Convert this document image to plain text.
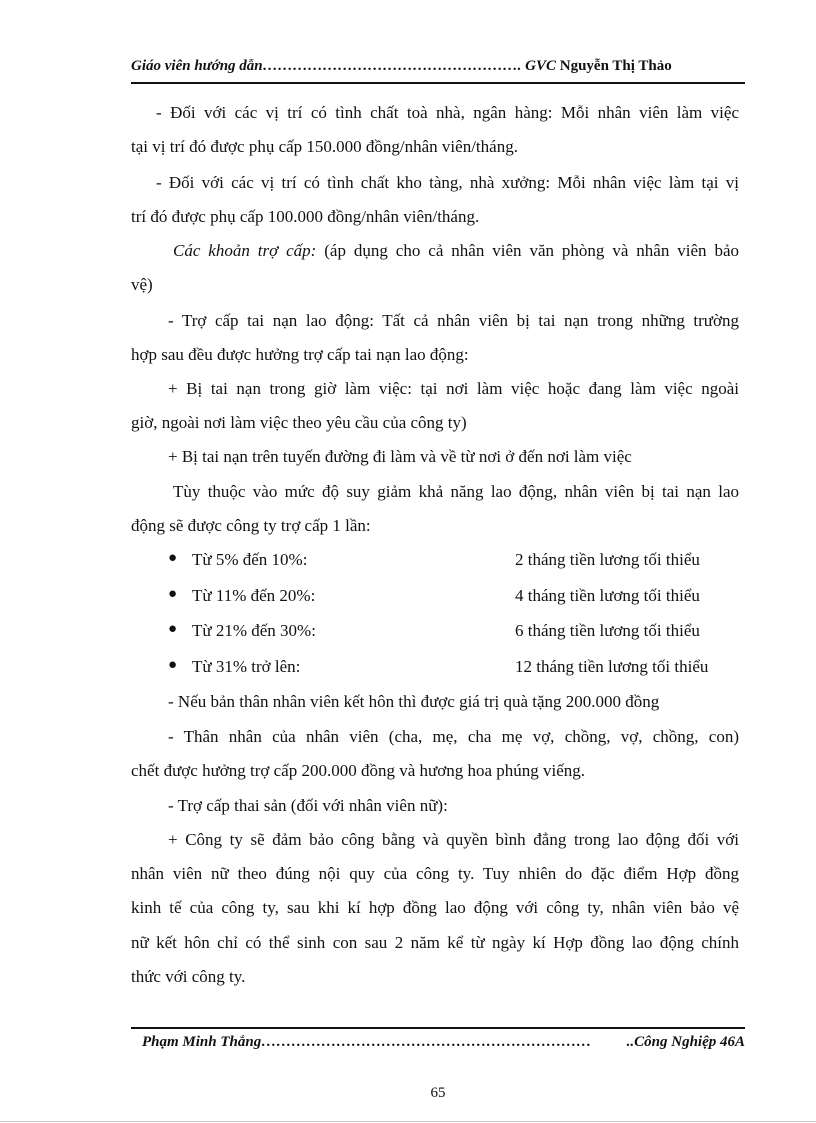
Giáo viên hướng dẫn……………………………………………. GVC Nguyễn Thị Thảo
- Đối với các vị trí có tình chất toà nhà, ngân hàng: Mỗi nhân viên làm việc
tại vị trí đó được phụ cấp 150.000 đồng/nhân viên/tháng.
- Đối với các vị trí có tình chất kho tàng, nhà xưởng: Mỗi nhân việc làm tại vị
trí đó được phụ cấp 100.000 đồng/nhân viên/tháng.
Các khoản trợ cấp: (áp dụng cho cả nhân viên văn phòng và nhân viên bảo
vệ)
- Trợ cấp tai nạn lao động: Tất cả nhân viên bị tai nạn trong những trường
hợp sau đều được hưởng trợ cấp tai nạn lao động:
+ Bị tai nạn trong giờ làm việc: tại nơi làm việc hoặc đang làm việc ngoài
giờ, ngoài nơi làm việc theo yêu cầu của công ty)
+ Bị tai nạn trên tuyến đường đi làm và về từ nơi ở đến nơi làm việc
Tùy thuộc vào mức độ suy giảm khả năng lao động, nhân viên bị tai nạn lao
động sẽ được công ty trợ cấp 1 lần:
● Từ 5% đến 10%:	2 tháng tiền lương tối thiểu
● Từ 11% đến 20%:	4 tháng tiền lương tối thiểu
● Từ 21% đến 30%:	6 tháng tiền lương tối thiểu
● Từ 31% trở lên:	12 tháng tiền lương tối thiểu
- Nếu bản thân nhân viên kết hôn thì được giá trị quà tặng 200.000 đồng
- Thân nhân của nhân viên (cha, mẹ, cha mẹ vợ, chồng, vợ, chồng, con)
chết được hưởng trợ cấp 200.000 đồng và hương hoa phúng viếng.
- Trợ cấp thai sản (đối với nhân viên nữ):
+ Công ty sẽ đảm bảo công bằng và quyền bình đẳng trong lao động đối với
nhân viên nữ theo đúng nội quy của công ty. Tuy nhiên do đặc điểm Hợp đồng
kinh tế của công ty, sau khi kí hợp đồng lao động với công ty, nhân viên bảo vệ
nữ kết hôn chỉ có thể sinh con sau 2 năm kể từ ngày kí Hợp đồng lao động chính
thức với công ty.
Phạm Minh Thắng………………………………………………………… ..Công Nghiệp 46A
65
